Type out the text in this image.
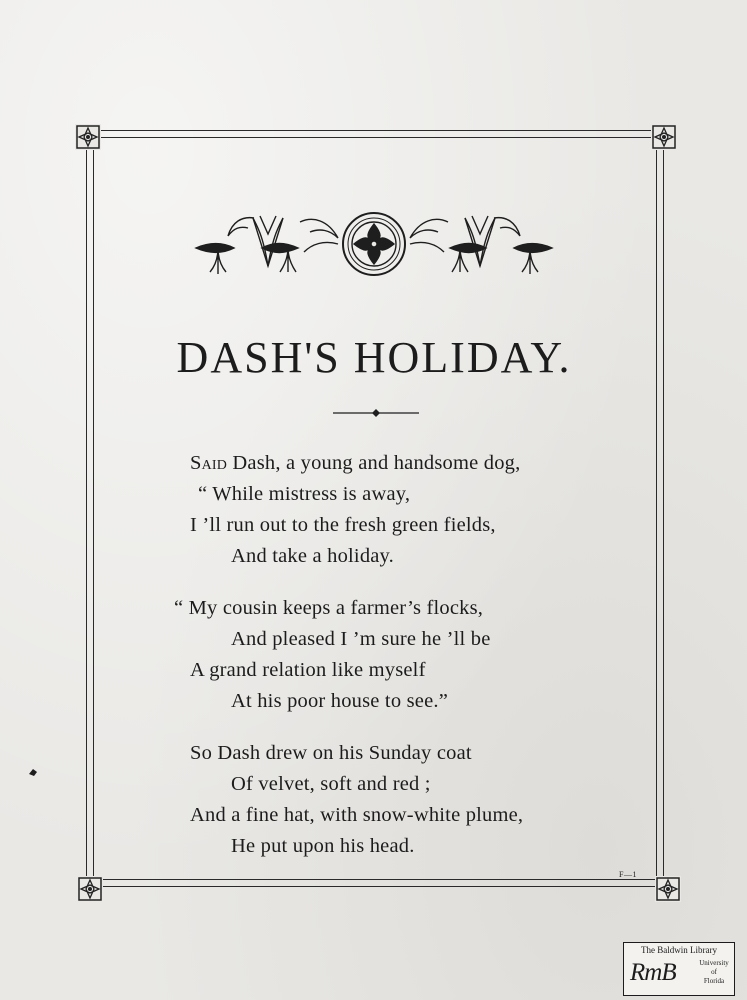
DASH'S HOLIDAY.
Said Dash, a young and handsome dog,
“ While mistress is away,
I ’ll run out to the fresh green fields,
And take a holiday.
“ My cousin keeps a farmer’s flocks,
And pleased I ’m sure he ’ll be
A grand relation like myself
At his poor house to see.”
So Dash drew on his Sunday coat
Of velvet, soft and red ;
And a fine hat, with snow-white plume,
He put upon his head.
F—1
The Baldwin Library
RmB	University
of
Florida
